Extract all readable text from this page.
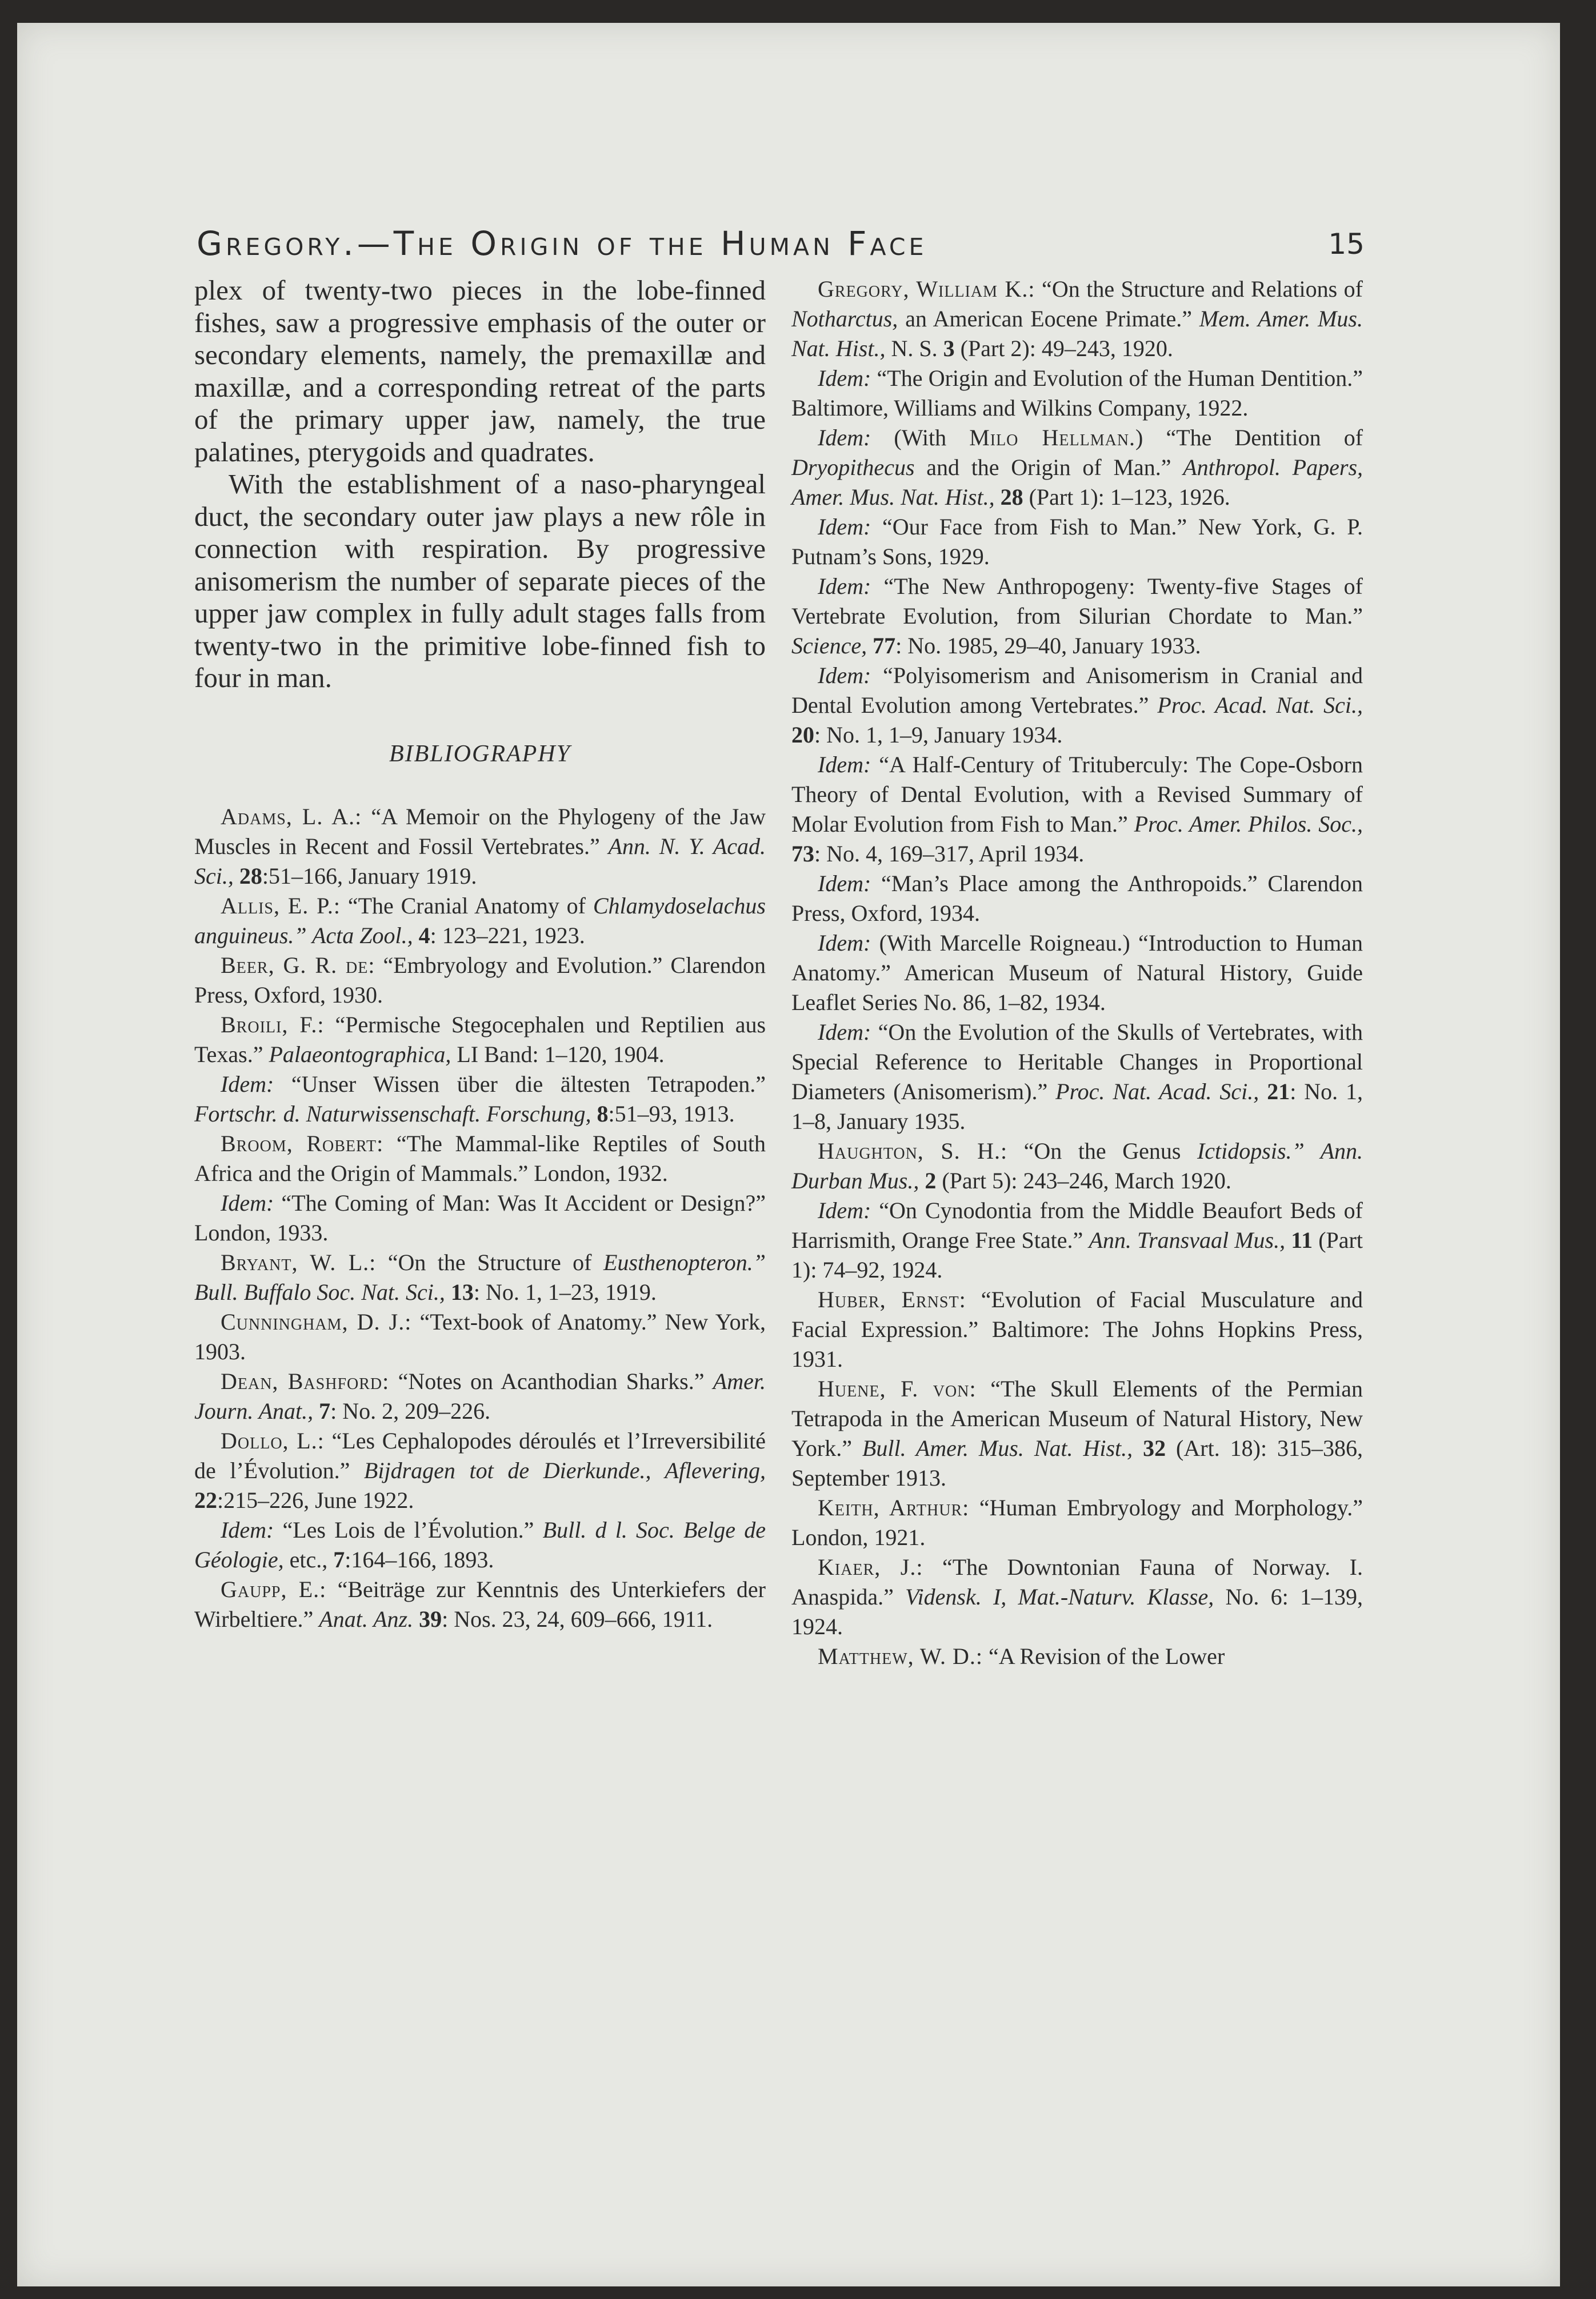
Gregory.—The Origin of the Human Face	15

plex of twenty-two pieces in the lobe-finned fishes, saw a progressive emphasis of the outer or secondary elements, namely, the premaxillæ and maxillæ, and a corresponding retreat of the parts of the primary upper jaw, namely, the true palatines, pterygoids and quadrates.

With the establishment of a naso-pharyngeal duct, the secondary outer jaw plays a new rôle in connection with respiration. By progressive anisomerism the number of separate pieces of the upper jaw complex in fully adult stages falls from twenty-two in the primitive lobe-finned fish to four in man.

BIBLIOGRAPHY

Adams, L. A.: “A Memoir on the Phylogeny of the Jaw Muscles in Recent and Fossil Vertebrates.” Ann. N. Y. Acad. Sci., 28:51–166, January 1919.

Allis, E. P.: “The Cranial Anatomy of Chlamydoselachus anguineus.” Acta Zool., 4: 123–221, 1923.

Beer, G. R. de: “Embryology and Evolution.” Clarendon Press, Oxford, 1930.

Broili, F.: “Permische Stegocephalen und Reptilien aus Texas.” Palaeontographica, LI Band: 1–120, 1904.

Idem: “Unser Wissen über die ältesten Tetrapoden.” Fortschr. d. Naturwissenschaft. Forschung, 8:51–93, 1913.

Broom, Robert: “The Mammal-like Reptiles of South Africa and the Origin of Mammals.” London, 1932.

Idem: “The Coming of Man: Was It Accident or Design?” London, 1933.

Bryant, W. L.: “On the Structure of Eusthenopteron.” Bull. Buffalo Soc. Nat. Sci., 13: No. 1, 1–23, 1919.

Cunningham, D. J.: “Text-book of Anatomy.” New York, 1903.

Dean, Bashford: “Notes on Acanthodian Sharks.” Amer. Journ. Anat., 7: No. 2, 209–226.

Dollo, L.: “Les Cephalopodes déroulés et l’Irreversibilité de l’Évolution.” Bijdragen tot de Dierkunde., Aflevering, 22:215–226, June 1922.

Idem: “Les Lois de l’Évolution.” Bull. d l. Soc. Belge de Géologie, etc., 7:164–166, 1893.

Gaupp, E.: “Beiträge zur Kenntnis des Unterkiefers der Wirbeltiere.” Anat. Anz. 39: Nos. 23, 24, 609–666, 1911.

Gregory, William K.: “On the Structure and Relations of Notharctus, an American Eocene Primate.” Mem. Amer. Mus. Nat. Hist., N. S. 3 (Part 2): 49–243, 1920.

Idem: “The Origin and Evolution of the Human Dentition.” Baltimore, Williams and Wilkins Company, 1922.

Idem: (With Milo Hellman.) “The Dentition of Dryopithecus and the Origin of Man.” Anthropol. Papers, Amer. Mus. Nat. Hist., 28 (Part 1): 1–123, 1926.

Idem: “Our Face from Fish to Man.” New York, G. P. Putnam’s Sons, 1929.

Idem: “The New Anthropogeny: Twenty-five Stages of Vertebrate Evolution, from Silurian Chordate to Man.” Science, 77: No. 1985, 29–40, January 1933.

Idem: “Polyisomerism and Anisomerism in Cranial and Dental Evolution among Vertebrates.” Proc. Acad. Nat. Sci., 20: No. 1, 1–9, January 1934.

Idem: “A Half-Century of Trituberculy: The Cope-Osborn Theory of Dental Evolution, with a Revised Summary of Molar Evolution from Fish to Man.” Proc. Amer. Philos. Soc., 73: No. 4, 169–317, April 1934.

Idem: “Man’s Place among the Anthropoids.” Clarendon Press, Oxford, 1934.

Idem: (With Marcelle Roigneau.) “Introduction to Human Anatomy.” American Museum of Natural History, Guide Leaflet Series No. 86, 1–82, 1934.

Idem: “On the Evolution of the Skulls of Vertebrates, with Special Reference to Heritable Changes in Proportional Diameters (Anisomerism).” Proc. Nat. Acad. Sci., 21: No. 1, 1–8, January 1935.

Haughton, S. H.: “On the Genus Ictidopsis.” Ann. Durban Mus., 2 (Part 5): 243–246, March 1920.

Idem: “On Cynodontia from the Middle Beaufort Beds of Harrismith, Orange Free State.” Ann. Transvaal Mus., 11 (Part 1): 74–92, 1924.

Huber, Ernst: “Evolution of Facial Musculature and Facial Expression.” Baltimore: The Johns Hopkins Press, 1931.

Huene, F. von: “The Skull Elements of the Permian Tetrapoda in the American Museum of Natural History, New York.” Bull. Amer. Mus. Nat. Hist., 32 (Art. 18): 315–386, September 1913.

Keith, Arthur: “Human Embryology and Morphology.” London, 1921.

Kiaer, J.: “The Downtonian Fauna of Norway. I. Anaspida.” Vidensk. I, Mat.-Naturv. Klasse, No. 6: 1–139, 1924.

Matthew, W. D.: “A Revision of the Lower
